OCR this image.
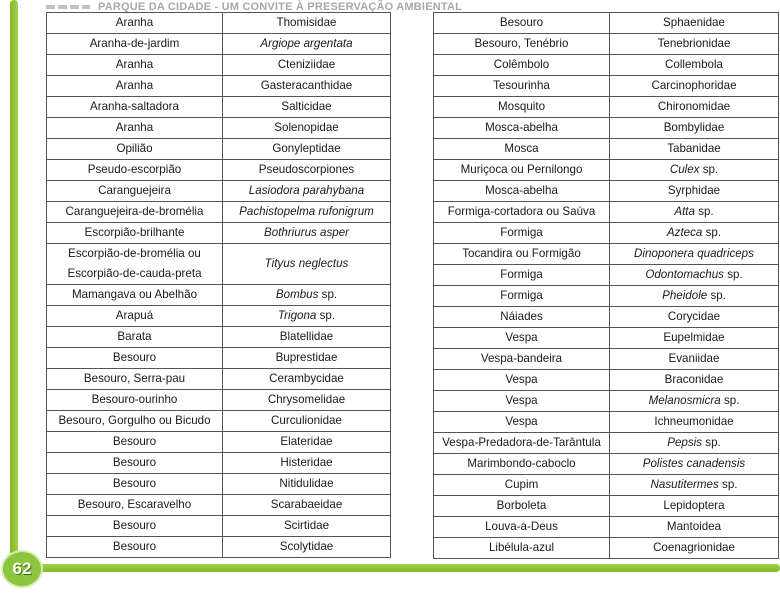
PARQUE DA CIDADE - UM CONVITE À PRESERVAÇÃO AMBIENTAL
Aranha	Thomisidae
Aranha-de-jardim	Argiope argentata
Aranha	Cteniziidae
Aranha	Gasteracanthidae
Aranha-saltadora	Salticidae
Aranha	Solenopidae
Opilião	Gonyleptidae
Pseudo-escorpião	Pseudoscorpiones
Caranguejeira	Lasiodora parahybana
Caranguejeira-de-bromélia	Pachistopelma rufonigrum
Escorpião-brilhante	Bothriurus asper
Escorpião-de-bromélia ou Escorpião-de-cauda-preta	Tityus neglectus
Mamangava ou Abelhão	Bombus sp.
Arapuá	Trigona sp.
Barata	Blatellidae
Besouro	Buprestidae
Besouro, Serra-pau	Cerambycidae
Besouro-ourinho	Chrysomelidae
Besouro, Gorgulho ou Bicudo	Curculionidae
Besouro	Elateridae
Besouro	Histeridae
Besouro	Nitidulidae
Besouro, Escaravelho	Scarabaeidae
Besouro	Scirtidae
Besouro	Scolytidae
Besouro	Sphaenidae
Besouro, Tenébrio	Tenebrionidae
Colêmbolo	Collembola
Tesourinha	Carcinophoridae
Mosquito	Chironomidae
Mosca-abelha	Bombylidae
Mosca	Tabanidae
Muriçoca ou Pernilongo	Culex sp.
Mosca-abelha	Syrphidae
Formiga-cortadora ou Saúva	Atta sp.
Formiga	Azteca sp.
Tocandira ou Formigão	Dinoponera quadriceps
Formiga	Odontomachus sp.
Formiga	Pheidole sp.
Náiades	Corycidae
Vespa	Eupelmidae
Vespa-bandeira	Evaniidae
Vespa	Braconidae
Vespa	Melanosmicra sp.
Vespa	Ichneumonidae
Vespa-Predadora-de-Tarântula	Pepsis sp.
Marimbondo-caboclo	Polistes canadensis
Cupim	Nasutitermes sp.
Borboleta	Lepidoptera
Louva-a-Deus	Mantoidea
Libélula-azul	Coenagrionidae
62
